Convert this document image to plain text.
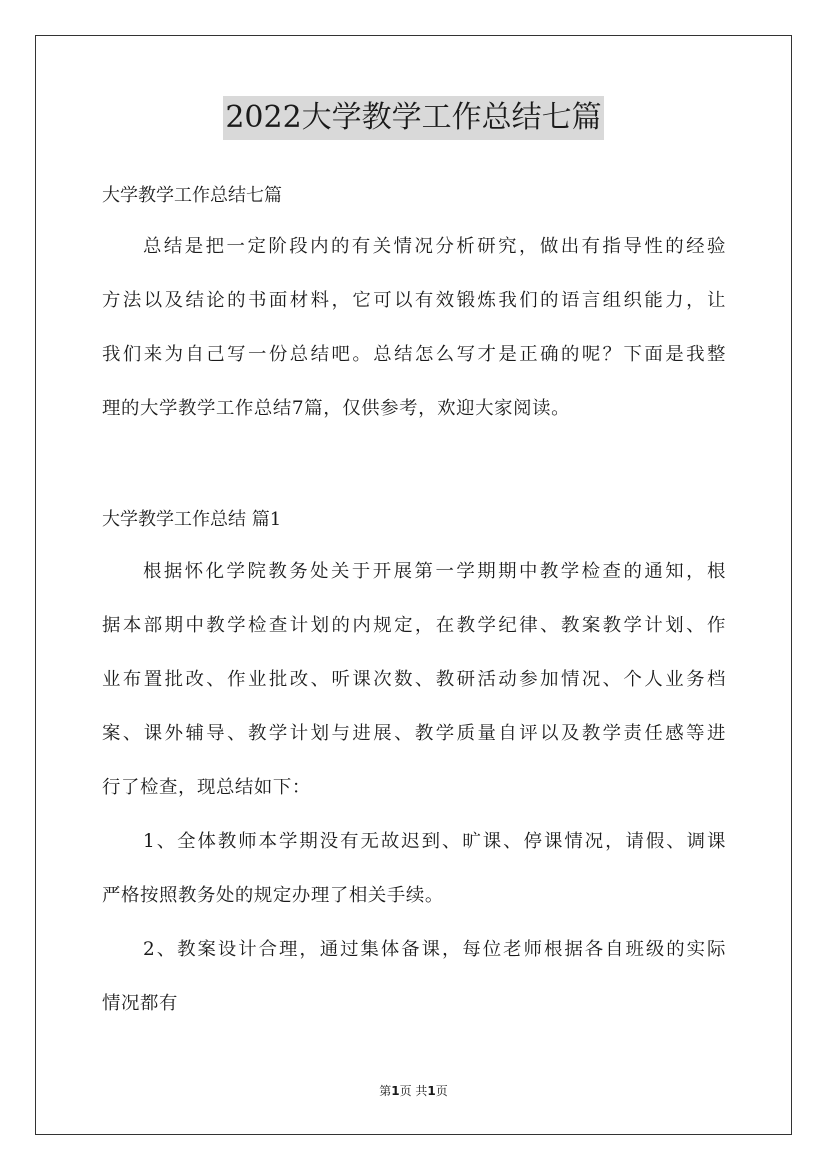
2022大学教学工作总结七篇
大学教学工作总结七篇
总结是把一定阶段内的有关情况分析研究，做出有指导性的经验
方法以及结论的书面材料，它可以有效锻炼我们的语言组织能力，让
我们来为自己写一份总结吧。总结怎么写才是正确的呢？下面是我整
理的大学教学工作总结7篇，仅供参考，欢迎大家阅读。
大学教学工作总结 篇1
根据怀化学院教务处关于开展第一学期期中教学检查的通知，根
据本部期中教学检查计划的内规定，在教学纪律、教案教学计划、作
业布置批改、作业批改、听课次数、教研活动参加情况、个人业务档
案、课外辅导、教学计划与进展、教学质量自评以及教学责任感等进
行了检查，现总结如下：
1、全体教师本学期没有无故迟到、旷课、停课情况，请假、调课
严格按照教务处的规定办理了相关手续。
2、教案设计合理，通过集体备课，每位老师根据各自班级的实际
情况都有
第1页 共1页
